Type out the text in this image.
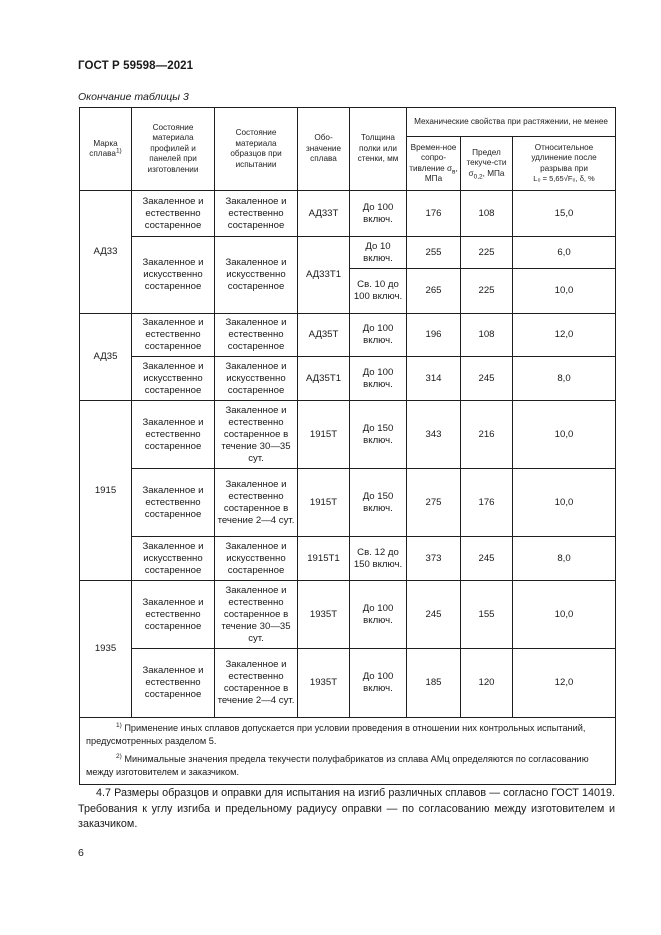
ГОСТ Р 59598—2021
Окончание таблицы 3
Марка сплава$^{1)}$	Состояние материала профилей и панелей при изготовлении	Состояние материала образцов при испытании	Обо-значение сплава	Толщина полки или стенки, мм	Механические свойства при растяжении, не менее		
					Времен-ное сопро-тивление $\sigma_в$, МПа	Предел текуче-сти $\sigma_{0,2}$, МПа	Относительное удлинение после разрыва при
L₀ = 5,65√F₀, δ, %
АД33	Закаленное и естественно состаренное	Закаленное и естественно состаренное	АД33Т	До 100 включ.	176	108	15,0
	Закаленное и искусственно состаренное	Закаленное и искусственно состаренное	АД33Т1	До 10 включ.	255	225	6,0
				Св. 10 до 100 включ.	265	225	10,0
АД35	Закаленное и естественно состаренное	Закаленное и естественно состаренное	АД35Т	До 100 включ.	196	108	12,0
	Закаленное и искусственно состаренное	Закаленное и искусственно состаренное	АД35Т1	До 100 включ.	314	245	8,0
1915	Закаленное и естественно состаренное	Закаленное и естественно состаренное в течение 30—35 сут.	1915Т	До 150 включ.	343	216	10,0
	Закаленное и естественно состаренное	Закаленное и естественно состаренное в течение 2—4 сут.	1915Т	До 150 включ.	275	176	10,0
	Закаленное и искусственно состаренное	Закаленное и искусственно состаренное	1915Т1	Св. 12 до 150 включ.	373	245	8,0
1935	Закаленное и естественно состаренное	Закаленное и естественно состаренное в течение 30—35 сут.	1935Т	До 100 включ.	245	155	10,0
	Закаленное и естественно состаренное	Закаленное и естественно состаренное в течение 2—4 сут.	1935Т	До 100 включ.	185	120	12,0

$^{1)}$ Применение иных сплавов допускается при условии проведения в отношении них контрольных испытаний, предусмотренных разделом 5.

$^{2)}$ Минимальные значения предела текучести полуфабрикатов из сплава АМц определяются по согласованию между изготовителем и заказчиком.							

4.7 Размеры образцов и оправки для испытания на изгиб различных сплавов — согласно ГОСТ 14019. Требования к углу изгиба и предельному радиусу оправки — по согласованию между изготовителем и заказчиком.
6
